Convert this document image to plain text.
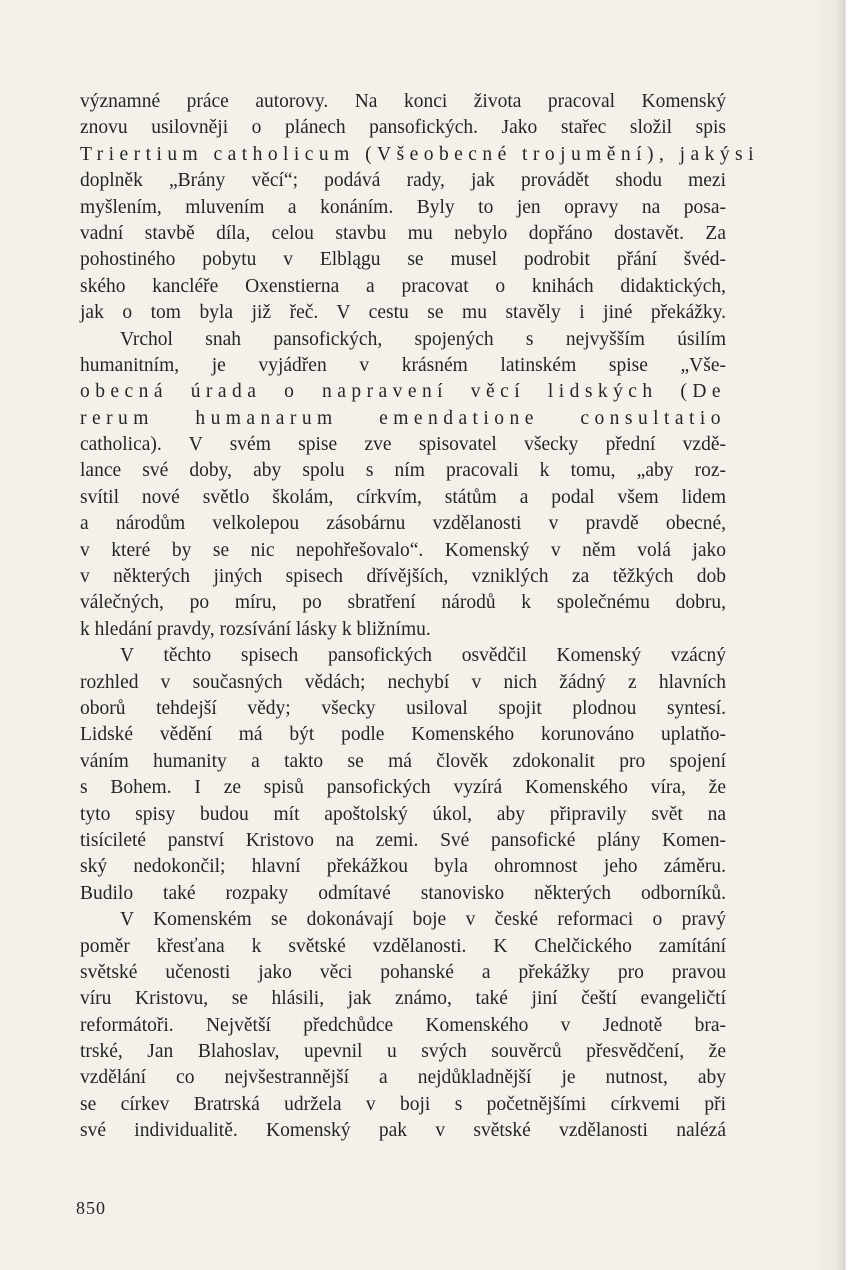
významné práce autorovy. Na konci života pracoval Komenský
znovu usilovněji o plánech pansofických. Jako stařec složil spis
Triertium catholicum (Všeobecné trojumění), jakýsi
doplněk „Brány věcí“; podává rady, jak provádět shodu mezi
myšlením, mluvením a konáním. Byly to jen opravy na posa-
vadní stavbě díla, celou stavbu mu nebylo dopřáno dostavět. Za
pohostiného pobytu v Elblągu se musel podrobit přání švéd-
ského kancléře Oxenstierna a pracovat o knihách didaktických,
jak o tom byla již řeč. V cestu se mu stavěly i jiné překážky.
Vrchol snah pansofických, spojených s nejvyšším úsilím
humanitním, je vyjádřen v krásném latinském spise „Vše-
obecná úrada o napravení věcí lidských (De
rerum humanarum emendatione consultatio
catholica). V svém spise zve spisovatel všecky přední vzdě-
lance své doby, aby spolu s ním pracovali k tomu, „aby roz-
svítil nové světlo školám, církvím, státům a podal všem lidem
a národům velkolepou zásobárnu vzdělanosti v pravdě obecné,
v které by se nic nepohřešovalo“. Komenský v něm volá jako
v některých jiných spisech dřívějších, vzniklých za těžkých dob
válečných, po míru, po sbratření národů k společnému dobru,
k hledání pravdy, rozsívání lásky k bližnímu.
V těchto spisech pansofických osvědčil Komenský vzácný
rozhled v současných vědách; nechybí v nich žádný z hlavních
oborů tehdejší vědy; všecky usiloval spojit plodnou syntesí.
Lidské vědění má být podle Komenského korunováno uplatňo-
váním humanity a takto se má člověk zdokonalit pro spojení
s Bohem. I ze spisů pansofických vyzírá Komenského víra, že
tyto spisy budou mít apoštolský úkol, aby připravily svět na
tisícileté panství Kristovo na zemi. Své pansofické plány Komen-
ský nedokončil; hlavní překážkou byla ohromnost jeho záměru.
Budilo také rozpaky odmítavé stanovisko některých odborníků.
V Komenském se dokonávají boje v české reformaci o pravý
poměr křesťana k světské vzdělanosti. K Chelčického zamítání
světské učenosti jako věci pohanské a překážky pro pravou
víru Kristovu, se hlásili, jak známo, také jiní čeští evangeličtí
reformátoři. Největší předchůdce Komenského v Jednotě bra-
trské, Jan Blahoslav, upevnil u svých souvěrců přesvědčení, že
vzdělání co nejvšestrannější a nejdůkladnější je nutnost, aby
se církev Bratrská udržela v boji s početnějšími církvemi při
své individualitě. Komenský pak v světské vzdělanosti nalézá
850
